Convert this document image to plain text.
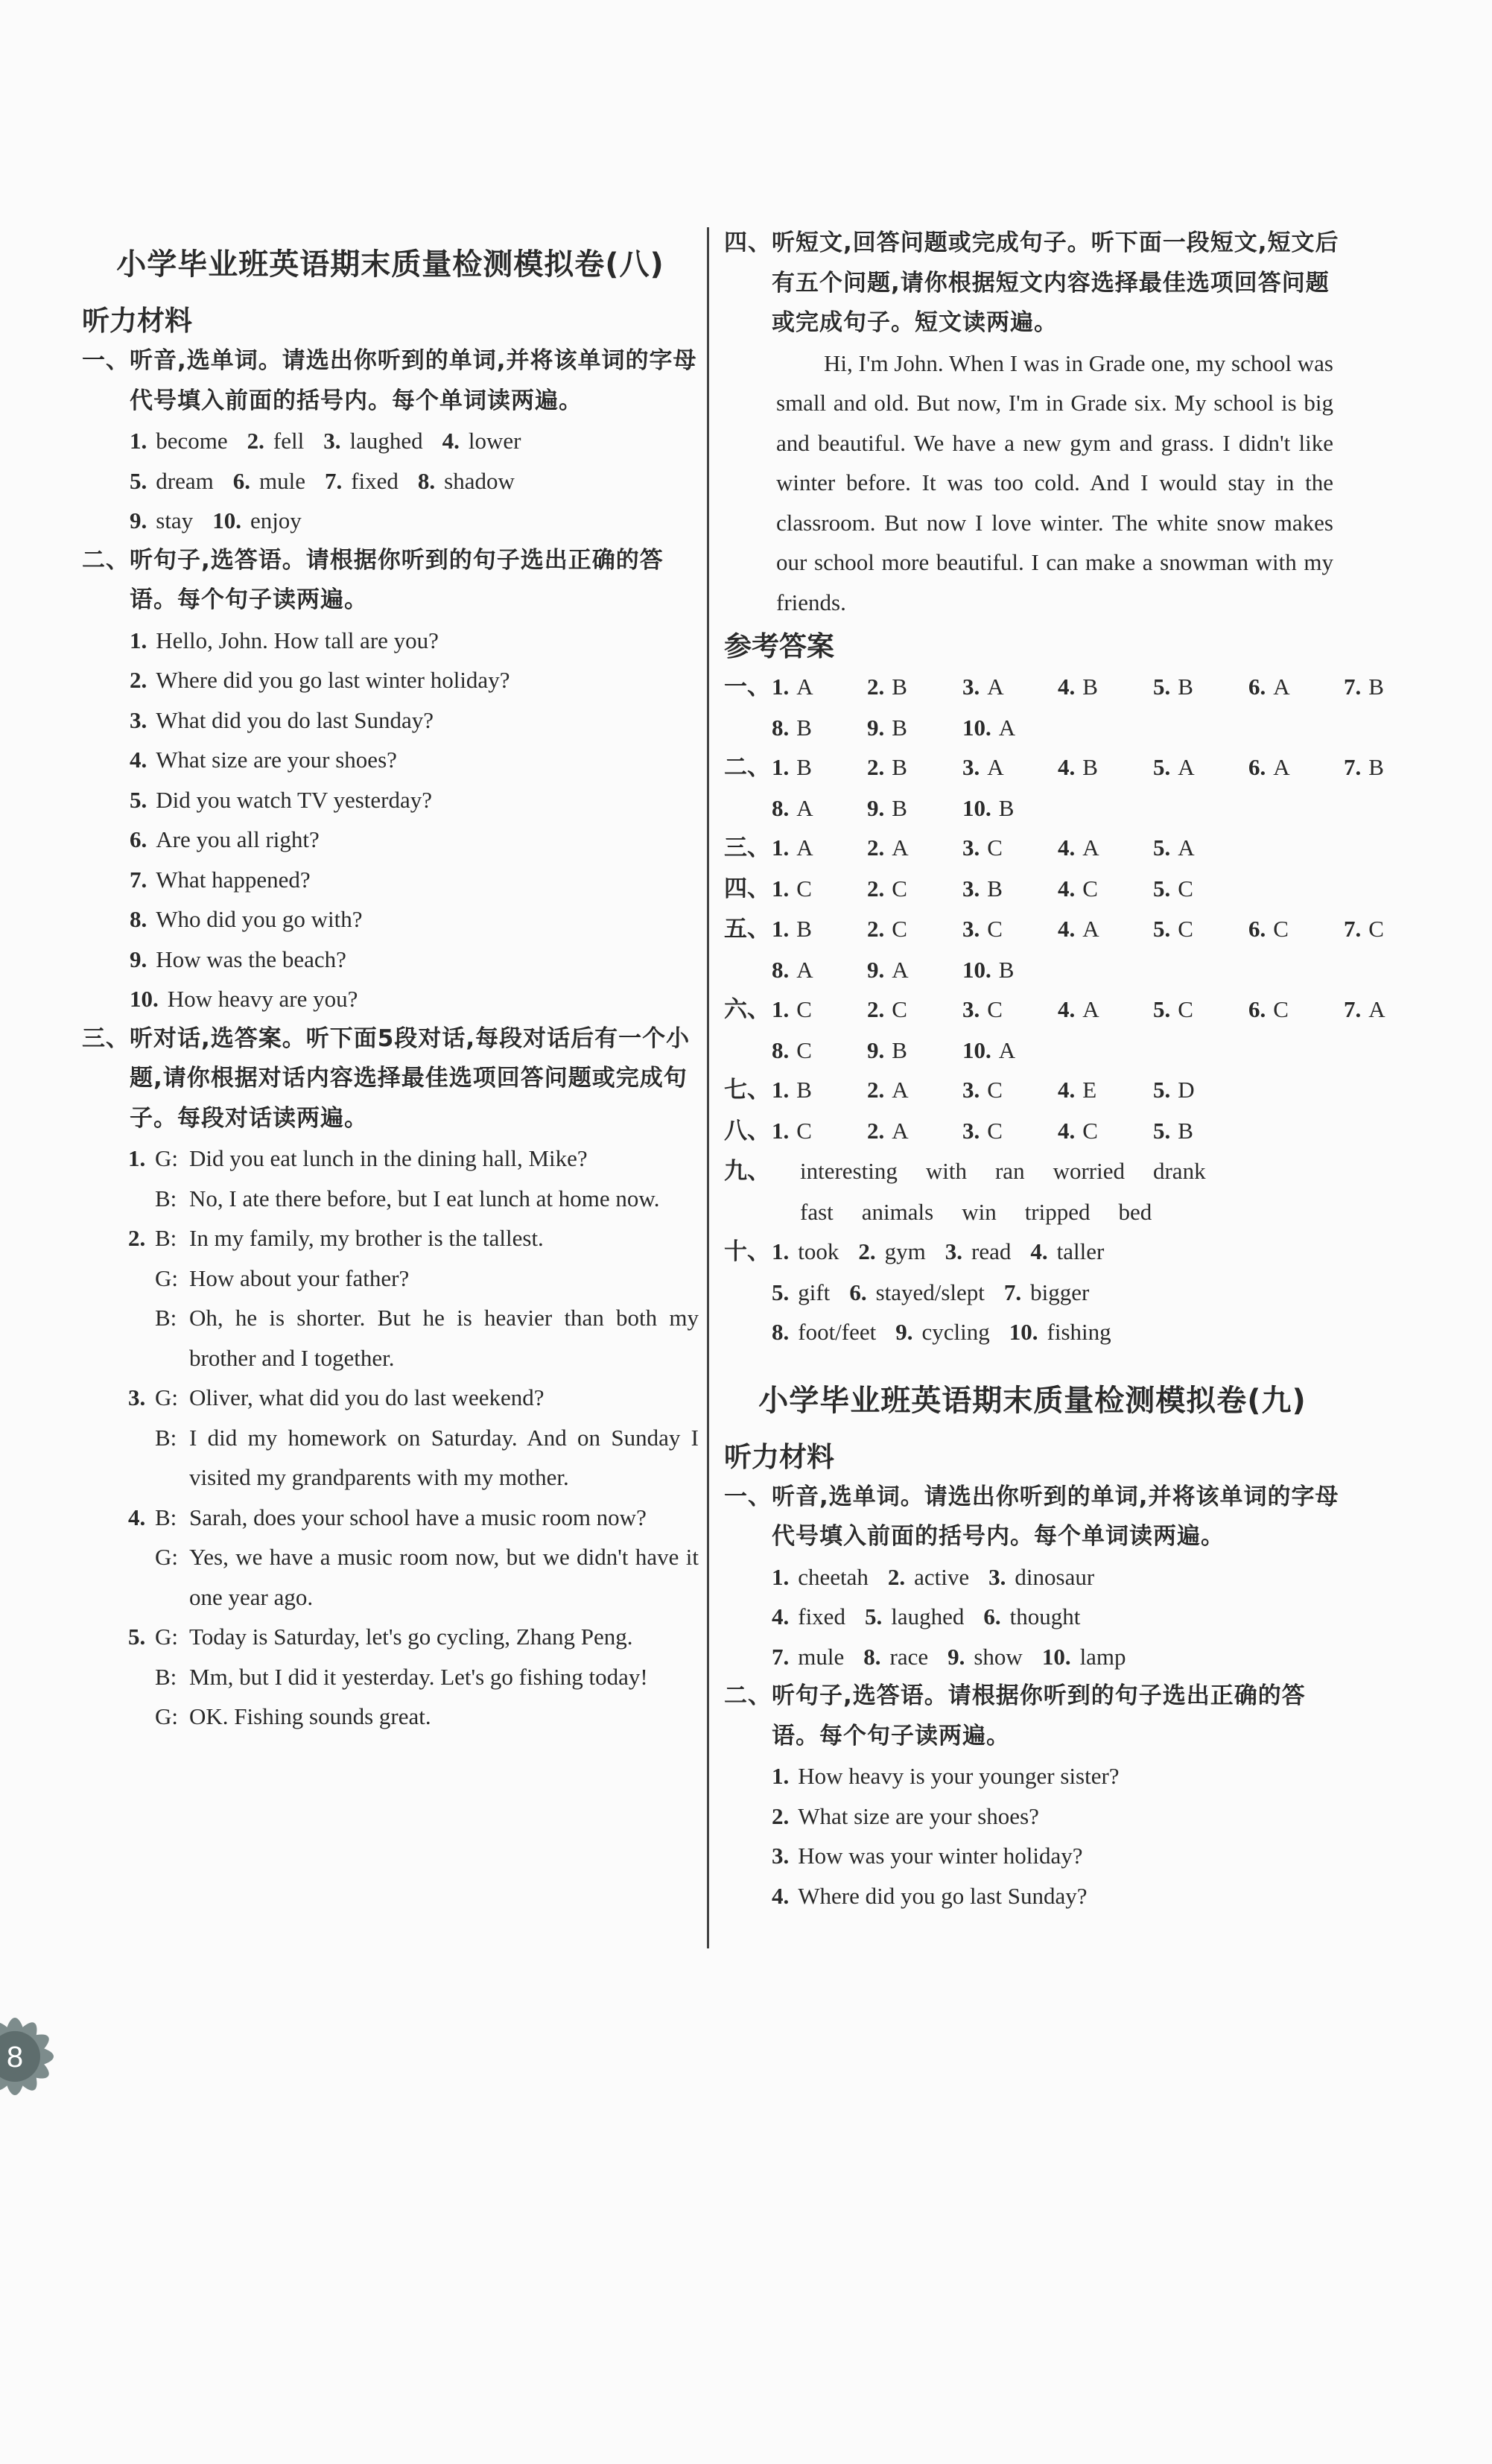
小学毕业班英语期末质量检测模拟卷(八)
听力材料
一、听音,选单词。请选出你听到的单词,并将该单词的字母代号填入前面的括号内。每个单词读两遍。
1. become 2. fell 3. laughed 4. lower
5. dream 6. mule 7. fixed 8. shadow
9. stay 10. enjoy
二、听句子,选答语。请根据你听到的句子选出正确的答语。每个句子读两遍。
1. Hello, John. How tall are you?
2. Where did you go last winter holiday?
3. What did you do last Sunday?
4. What size are your shoes?
5. Did you watch TV yesterday?
6. Are you all right?
7. What happened?
8. Who did you go with?
9. How was the beach?
10. How heavy are you?
三、听对话,选答案。听下面5段对话,每段对话后有一个小题,请你根据对话内容选择最佳选项回答问题或完成句子。每段对话读两遍。
1. G: Did you eat lunch in the dining hall, Mike?
B: No, I ate there before, but I eat lunch at home now.
2. B: In my family, my brother is the tallest.
G: How about your father?
B: Oh, he is shorter. But he is heavier than both my brother and I together.
3. G: Oliver, what did you do last weekend?
B: I did my homework on Saturday. And on Sunday I visited my grandparents with my mother.
4. B: Sarah, does your school have a music room now?
G: Yes, we have a music room now, but we didn't have it one year ago.
5. G: Today is Saturday, let's go cycling, Zhang Peng.
B: Mm, but I did it yesterday. Let's go fishing today!
G: OK. Fishing sounds great.
四、听短文,回答问题或完成句子。听下面一段短文,短文后有五个问题,请你根据短文内容选择最佳选项回答问题或完成句子。短文读两遍。
Hi, I'm John. When I was in Grade one, my school was small and old. But now, I'm in Grade six. My school is big and beautiful. We have a new gym and grass. I didn't like winter before. It was too cold. And I would stay in the classroom. But now I love winter. The white snow makes our school more beautiful. I can make a snowman with my friends.
参考答案
一、1. A 2. B 3. A 4. B 5. B 6. A 7. B
8. B 9. B 10. A
二、1. B 2. B 3. A 4. B 5. A 6. A 7. B
8. A 9. B 10. B
三、1. A 2. A 3. C 4. A 5. A
四、1. C 2. C 3. B 4. C 5. C
五、1. B 2. C 3. C 4. A 5. C 6. C 7. C
8. A 9. A 10. B
六、1. C 2. C 3. C 4. A 5. C 6. C 7. A
8. C 9. B 10. A
七、1. B 2. A 3. C 4. E 5. D
八、1. C 2. A 3. C 4. C 5. B
九、 interesting with ran worried drank
fast animals win tripped bed
十、1. took 2. gym 3. read 4. taller
5. gift 6. stayed/slept 7. bigger
8. foot/feet 9. cycling 10. fishing
小学毕业班英语期末质量检测模拟卷(九)
听力材料
一、听音,选单词。请选出你听到的单词,并将该单词的字母代号填入前面的括号内。每个单词读两遍。
1. cheetah 2. active 3. dinosaur
4. fixed 5. laughed 6. thought
7. mule 8. race 9. show 10. lamp
二、听句子,选答语。请根据你听到的句子选出正确的答语。每个句子读两遍。
1. How heavy is your younger sister?
2. What size are your shoes?
3. How was your winter holiday?
4. Where did you go last Sunday?
8
